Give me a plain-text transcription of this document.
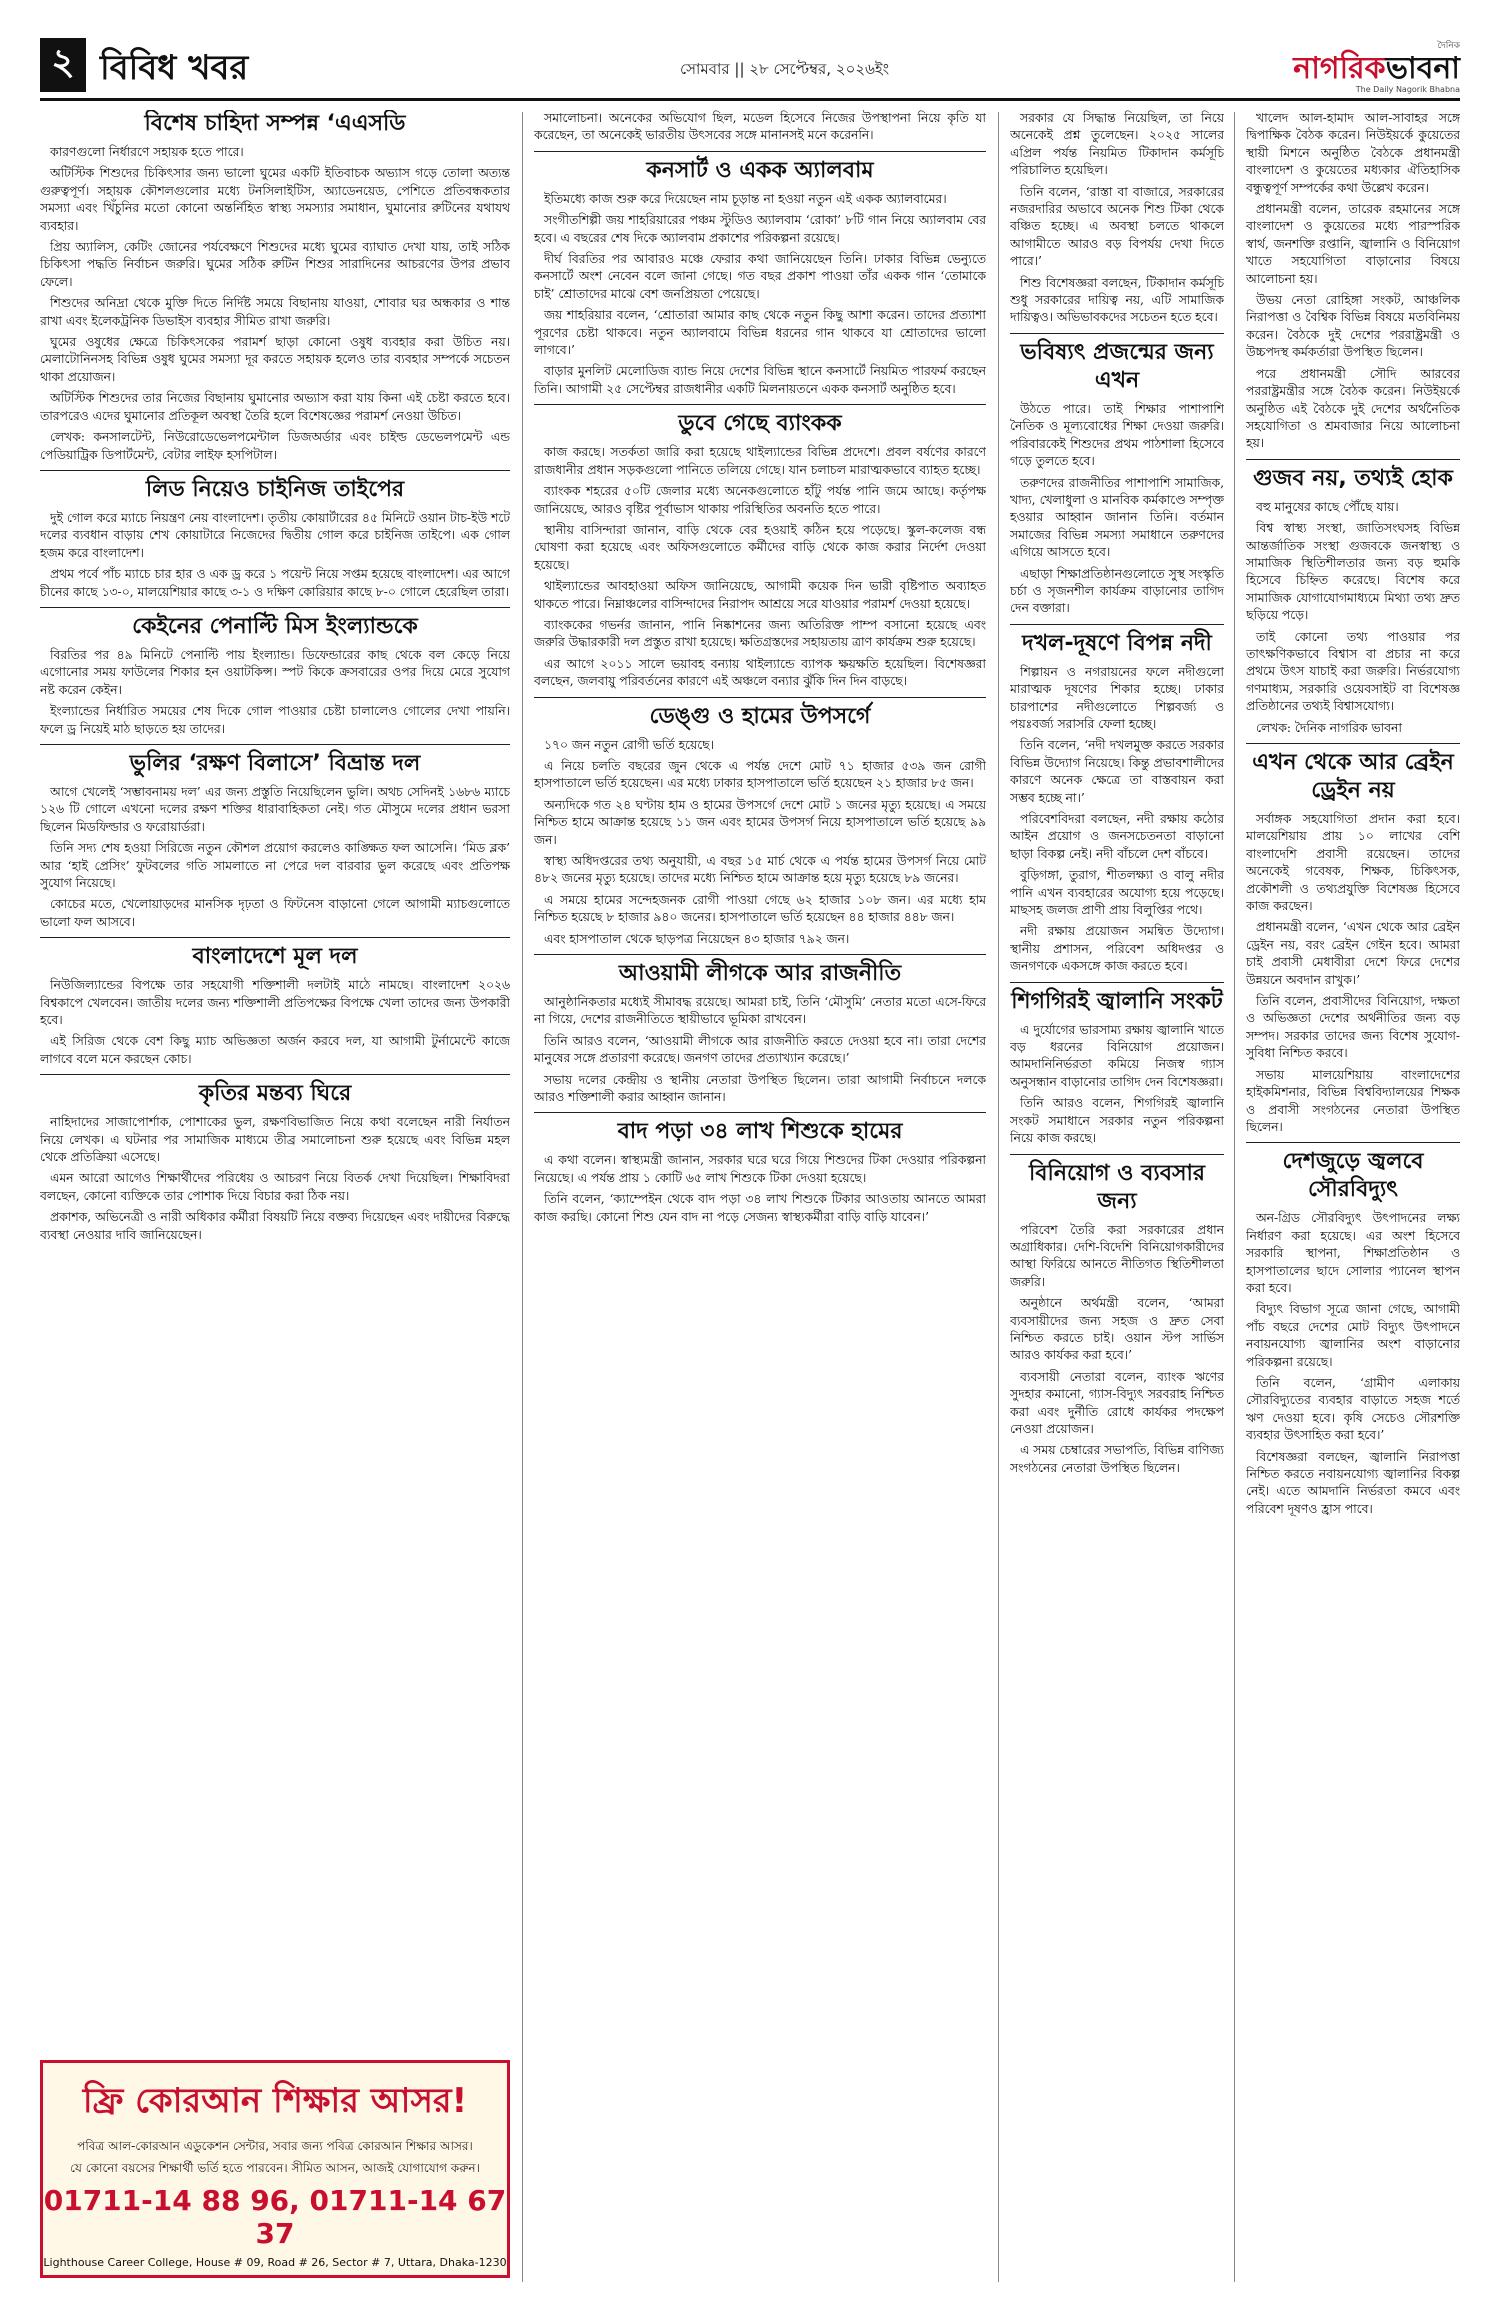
২ বিবিধ খবর	সোমবার || ২৮ সেপ্টেম্বর, ২০২৬ইং
দৈনিক
নাগরিকভাবনা
The Daily Nagorik Bhabna
বিশেষ চাহিদা সম্পন্ন ‘এএসডি

কারণগুলো নির্ধারণে সহায়ক হতে পারে।

অটিস্টিক শিশুদের চিকিৎসার জন্য ভালো ঘুমের একটি ইতিবাচক অভ্যাস গড়ে তোলা অত্যন্ত গুরুত্বপূর্ণ। সহায়ক কৌশলগুলোর মধ্যে টনসিলাইটিস, অ্যাডেনয়েড, পেশিতে প্রতিবন্ধকতার সমস্যা এবং খিঁচুনির মতো কোনো অন্তর্নিহিত স্বাস্থ্য সমস্যার সমাধান, ঘুমানোর রুটিনের যথাযথ ব্যবহার।

প্রিয় অ্যালিস, কেটিং জোনের পর্যবেক্ষণে শিশুদের মধ্যে ঘুমের ব্যাঘাত দেখা যায়, তাই সঠিক চিকিৎসা পদ্ধতি নির্বাচন জরুরি। ঘুমের সঠিক রুটিন শিশুর সারাদিনের আচরণের উপর প্রভাব ফেলে।

শিশুদের অনিদ্রা থেকে মুক্তি দিতে নির্দিষ্ট সময়ে বিছানায় যাওয়া, শোবার ঘর অন্ধকার ও শান্ত রাখা এবং ইলেকট্রনিক ডিভাইস ব্যবহার সীমিত রাখা জরুরি।

ঘুমের ওষুধের ক্ষেত্রে চিকিৎসকের পরামর্শ ছাড়া কোনো ওষুধ ব্যবহার করা উচিত নয়। মেলাটোনিনসহ বিভিন্ন ওষুধ ঘুমের সমস্যা দূর করতে সহায়ক হলেও তার ব্যবহার সম্পর্কে সচেতন থাকা প্রয়োজন।

অটিস্টিক শিশুদের তার নিজের বিছানায় ঘুমানোর অভ্যাস করা যায় কিনা এই চেষ্টা করতে হবে। তারপরেও এদের ঘুমানোর প্রতিকূল অবস্থা তৈরি হলে বিশেষজ্ঞের পরামর্শ নেওয়া উচিত।

লেখক: কনসালটেন্ট, নিউরোডেভেলপমেন্টাল ডিজঅর্ডার এবং চাইল্ড ডেভেলপমেন্ট এন্ড পেডিয়াট্রিক ডিপার্টমেন্ট, বেটার লাইফ হসপিটাল।

লিড নিয়েও চাইনিজ তাইপের

দুই গোল করে ম্যাচে নিয়ন্ত্রণ নেয় বাংলাদেশ। তৃতীয় কোয়ার্টারের ৪৫ মিনিটে ওয়ান টাচ-ইউ শটে দলের ব্যবধান বাড়ায় শেখ কোয়াটারে নিজেদের দ্বিতীয় গোল করে চাইনিজ তাইপে। এক গোল হজম করে বাংলাদেশ।

প্রথম পর্বে পাঁচ ম্যাচে চার হার ও এক ড্র করে ১ পয়েন্ট নিয়ে সপ্তম হয়েছে বাংলাদেশ। এর আগে চীনের কাছে ১৩-০, মালয়েশিয়ার কাছে ৩-১ ও দক্ষিণ কোরিয়ার কাছে ৮-০ গোলে হেরেছিল তারা।

কেইনের পেনাল্টি মিস ইংল্যান্ডকে

বিরতির পর ৪৯ মিনিটে পেনাল্টি পায় ইংল্যান্ড। ডিফেন্ডারের কাছ থেকে বল কেড়ে নিয়ে এগোনোর সময় ফাউলের শিকার হন ওয়াটকিন্স। স্পট কিকে ক্রসবারের ওপর দিয়ে মেরে সুযোগ নষ্ট করেন কেইন।

ইংল্যান্ডের নির্ধারিত সময়ের শেষ দিকে গোল পাওয়ার চেষ্টা চালালেও গোলের দেখা পায়নি। ফলে ড্র নিয়েই মাঠ ছাড়তে হয় তাদের।

ভুলির ‘রক্ষণ বিলাসে’ বিভ্রান্ত দল

আগে খেলেই ‘সম্ভাবনাময় দল’ এর জন্য প্রস্তুতি নিয়েছিলেন ভুলি। অথচ সেদিনই ১৬৮৬ ম্যাচে ১২৬ টি গোলে এখনো দলের রক্ষণ শক্তির ধারাবাহিকতা নেই। গত মৌসুমে দলের প্রধান ভরসা ছিলেন মিডফিল্ডার ও ফরোয়ার্ডরা।

তিনি সদ্য শেষ হওয়া সিরিজে নতুন কৌশল প্রয়োগ করলেও কাঙ্ক্ষিত ফল আসেনি। ‘মিড ব্লক’ আর ‘হাই প্রেসিং’ ফুটবলের গতি সামলাতে না পেরে দল বারবার ভুল করেছে এবং প্রতিপক্ষ সুযোগ নিয়েছে।

কোচের মতে, খেলোয়াড়দের মানসিক দৃঢ়তা ও ফিটনেস বাড়ানো গেলে আগামী ম্যাচগুলোতে ভালো ফল আসবে।

বাংলাদেশে মূল দল

নিউজিল্যান্ডের বিপক্ষে তার সহযোগী শক্তিশালী দলটাই মাঠে নামছে। বাংলাদেশ ২০২৬ বিশ্বকাপে খেলবেন। জাতীয় দলের জন্য শক্তিশালী প্রতিপক্ষের বিপক্ষে খেলা তাদের জন্য উপকারী হবে।

এই সিরিজ থেকে বেশ কিছু ম্যাচ অভিজ্ঞতা অর্জন করবে দল, যা আগামী টুর্নামেন্টে কাজে লাগবে বলে মনে করছেন কোচ।

কৃতির মন্তব্য ঘিরে

নাহিদাদের সাজাপোর্শাক, পোশাকের ভুল, রক্ষণবিভাজিত নিয়ে কথা বলেছেন নারী নির্যাতন নিয়ে লেখক। এ ঘটনার পর সামাজিক মাধ্যমে তীব্র সমালোচনা শুরু হয়েছে এবং বিভিন্ন মহল থেকে প্রতিক্রিয়া এসেছে।

এমন আরো আগেও শিক্ষার্থীদের পরিধেয় ও আচরণ নিয়ে বিতর্ক দেখা দিয়েছিল। শিক্ষাবিদরা বলছেন, কোনো ব্যক্তিকে তার পোশাক দিয়ে বিচার করা ঠিক নয়।

প্রকাশক, অভিনেত্রী ও নারী অধিকার কর্মীরা বিষয়টি নিয়ে বক্তব্য দিয়েছেন এবং দায়ীদের বিরুদ্ধে ব্যবস্থা নেওয়ার দাবি জানিয়েছেন।

সমালোচনা। অনেকের অভিযোগ ছিল, মডেল হিসেবে নিজের উপস্থাপনা নিয়ে কৃতি যা করেছেন, তা অনেকেই ভারতীয় উৎসবের সঙ্গে মানানসই মনে করেননি।

কনসার্ট ও একক অ্যালবাম

ইতিমধ্যে কাজ শুরু করে দিয়েছেন নাম চূড়ান্ত না হওয়া নতুন এই একক অ্যালবামের।

সংগীতশিল্পী জয় শাহরিয়ারের পঞ্চম স্টুডিও অ্যালবাম ‘রোকা’ ৮টি গান নিয়ে অ্যালবাম বের হবে। এ বছরের শেষ দিকে অ্যালবাম প্রকাশের পরিকল্পনা রয়েছে।

দীর্ঘ বিরতির পর আবারও মঞ্চে ফেরার কথা জানিয়েছেন তিনি। ঢাকার বিভিন্ন ভেন্যুতে কনসার্টে অংশ নেবেন বলে জানা গেছে। গত বছর প্রকাশ পাওয়া তাঁর একক গান ‘তোমাকে চাই’ শ্রোতাদের মাঝে বেশ জনপ্রিয়তা পেয়েছে।

জয় শাহরিয়ার বলেন, ‘শ্রোতারা আমার কাছ থেকে নতুন কিছু আশা করেন। তাদের প্রত্যাশা পূরণের চেষ্টা থাকবে। নতুন অ্যালবামে বিভিন্ন ধরনের গান থাকবে যা শ্রোতাদের ভালো লাগবে।’

বাড়ার মুনলিট মেলোডিজ ব্যান্ড নিয়ে দেশের বিভিন্ন স্থানে কনসার্টে নিয়মিত পারফর্ম করছেন তিনি। আগামী ২৫ সেপ্টেম্বর রাজধানীর একটি মিলনায়তনে একক কনসার্ট অনুষ্ঠিত হবে।

ডুবে গেছে ব্যাংকক

কাজ করছে। সতর্কতা জারি করা হয়েছে থাইল্যান্ডের বিভিন্ন প্রদেশে। প্রবল বর্ষণের কারণে রাজধানীর প্রধান সড়কগুলো পানিতে তলিয়ে গেছে। যান চলাচল মারাত্মকভাবে ব্যাহত হচ্ছে।

ব্যাংকক শহরের ৫০টি জেলার মধ্যে অনেকগুলোতে হাঁটু পর্যন্ত পানি জমে আছে। কর্তৃপক্ষ জানিয়েছে, আরও বৃষ্টির পূর্বাভাস থাকায় পরিস্থিতির অবনতি হতে পারে।

স্থানীয় বাসিন্দারা জানান, বাড়ি থেকে বের হওয়াই কঠিন হয়ে পড়েছে। স্কুল-কলেজ বন্ধ ঘোষণা করা হয়েছে এবং অফিসগুলোতে কর্মীদের বাড়ি থেকে কাজ করার নির্দেশ দেওয়া হয়েছে।

থাইল্যান্ডের আবহাওয়া অফিস জানিয়েছে, আগামী কয়েক দিন ভারী বৃষ্টিপাত অব্যাহত থাকতে পারে। নিম্নাঞ্চলের বাসিন্দাদের নিরাপদ আশ্রয়ে সরে যাওয়ার পরামর্শ দেওয়া হয়েছে।

ব্যাংককের গভর্নর জানান, পানি নিষ্কাশনের জন্য অতিরিক্ত পাম্প বসানো হয়েছে এবং জরুরি উদ্ধারকারী দল প্রস্তুত রাখা হয়েছে। ক্ষতিগ্রস্তদের সহায়তায় ত্রাণ কার্যক্রম শুরু হয়েছে।

এর আগে ২০১১ সালে ভয়াবহ বন্যায় থাইল্যান্ডে ব্যাপক ক্ষয়ক্ষতি হয়েছিল। বিশেষজ্ঞরা বলছেন, জলবায়ু পরিবর্তনের কারণে এই অঞ্চলে বন্যার ঝুঁকি দিন দিন বাড়ছে।

ডেঙ্গু ও হামের উপসর্গে

১৭০ জন নতুন রোগী ভর্তি হয়েছে।

এ নিয়ে চলতি বছরের জুন থেকে এ পর্যন্ত দেশে মোট ৭১ হাজার ৫৩৯ জন রোগী হাসপাতালে ভর্তি হয়েছেন। এর মধ্যে ঢাকার হাসপাতালে ভর্তি হয়েছেন ২১ হাজার ৮৫ জন।

অন্যদিকে গত ২৪ ঘণ্টায় হাম ও হামের উপসর্গে দেশে মোট ১ জনের মৃত্যু হয়েছে। এ সময়ে নিশ্চিত হামে আক্রান্ত হয়েছে ১১ জন এবং হামের উপসর্গ নিয়ে হাসপাতালে ভর্তি হয়েছে ৯৯ জন।

স্বাস্থ্য অধিদপ্তরের তথ্য অনুযায়ী, এ বছর ১৫ মার্চ থেকে এ পর্যন্ত হামের উপসর্গ নিয়ে মোট ৪৮২ জনের মৃত্যু হয়েছে। তাদের মধ্যে নিশ্চিত হামে আক্রান্ত হয়ে মৃত্যু হয়েছে ৮৯ জনের।

এ সময়ে হামের সন্দেহজনক রোগী পাওয়া গেছে ৬২ হাজার ১০৮ জন। এর মধ্যে হাম নিশ্চিত হয়েছে ৮ হাজার ৯৪০ জনের। হাসপাতালে ভর্তি হয়েছেন ৪৪ হাজার ৪৪৮ জন।

এবং হাসপাতাল থেকে ছাড়পত্র নিয়েছেন ৪৩ হাজার ৭৯২ জন।

আওয়ামী লীগকে আর রাজনীতি

আনুষ্ঠানিকতার মধ্যেই সীমাবদ্ধ রয়েছে। আমরা চাই, তিনি ‘মৌসুমি’ নেতার মতো এসে-ফিরে না গিয়ে, দেশের রাজনীতিতে স্থায়ীভাবে ভূমিকা রাখবেন।

তিনি আরও বলেন, ‘আওয়ামী লীগকে আর রাজনীতি করতে দেওয়া হবে না। তারা দেশের মানুষের সঙ্গে প্রতারণা করেছে। জনগণ তাদের প্রত্যাখ্যান করেছে।’

সভায় দলের কেন্দ্রীয় ও স্থানীয় নেতারা উপস্থিত ছিলেন। তারা আগামী নির্বাচনে দলকে আরও শক্তিশালী করার আহ্বান জানান।

বাদ পড়া ৩৪ লাখ শিশুকে হামের

এ কথা বলেন। স্বাস্থ্যমন্ত্রী জানান, সরকার ঘরে ঘরে গিয়ে শিশুদের টিকা দেওয়ার পরিকল্পনা নিয়েছে। এ পর্যন্ত প্রায় ১ কোটি ৬৫ লাখ শিশুকে টিকা দেওয়া হয়েছে।

তিনি বলেন, ‘ক্যাম্পেইন থেকে বাদ পড়া ৩৪ লাখ শিশুকে টিকার আওতায় আনতে আমরা কাজ করছি। কোনো শিশু যেন বাদ না পড়ে সেজন্য স্বাস্থ্যকর্মীরা বাড়ি বাড়ি যাবেন।’

সরকার যে সিদ্ধান্ত নিয়েছিল, তা নিয়ে অনেকেই প্রশ্ন তুলেছেন। ২০২৫ সালের এপ্রিল পর্যন্ত নিয়মিত টিকাদান কর্মসূচি পরিচালিত হয়েছিল।

তিনি বলেন, ‘রাস্তা বা বাজারে, সরকারের নজরদারির অভাবে অনেক শিশু টিকা থেকে বঞ্চিত হচ্ছে। এ অবস্থা চলতে থাকলে আগামীতে আরও বড় বিপর্যয় দেখা দিতে পারে।’

শিশু বিশেষজ্ঞরা বলছেন, টিকাদান কর্মসূচি শুধু সরকারের দায়িত্ব নয়, এটি সামাজিক দায়িত্বও। অভিভাবকদের সচেতন হতে হবে।

ভবিষ্যৎ প্রজন্মের জন্য এখন

উঠতে পারে। তাই শিক্ষার পাশাপাশি নৈতিক ও মূল্যবোধের শিক্ষা দেওয়া জরুরি। পরিবারকেই শিশুদের প্রথম পাঠশালা হিসেবে গড়ে তুলতে হবে।

তরুণদের রাজনীতির পাশাপাশি সামাজিক, খাদ্য, খেলাধুলা ও মানবিক কর্মকাণ্ডে সম্পৃক্ত হওয়ার আহ্বান জানান তিনি। বর্তমান সমাজের বিভিন্ন সমস্যা সমাধানে তরুণদের এগিয়ে আসতে হবে।

এছাড়া শিক্ষাপ্রতিষ্ঠানগুলোতে সুস্থ সংস্কৃতি চর্চা ও সৃজনশীল কার্যক্রম বাড়ানোর তাগিদ দেন বক্তারা।

দখল-দূষণে বিপন্ন নদী

শিল্পায়ন ও নগরায়নের ফলে নদীগুলো মারাত্মক দূষণের শিকার হচ্ছে। ঢাকার চারপাশের নদীগুলোতে শিল্পবর্জ্য ও পয়ঃবর্জ্য সরাসরি ফেলা হচ্ছে।

তিনি বলেন, ‘নদী দখলমুক্ত করতে সরকার বিভিন্ন উদ্যোগ নিয়েছে। কিন্তু প্রভাবশালীদের কারণে অনেক ক্ষেত্রে তা বাস্তবায়ন করা সম্ভব হচ্ছে না।’

পরিবেশবিদরা বলছেন, নদী রক্ষায় কঠোর আইন প্রয়োগ ও জনসচেতনতা বাড়ানো ছাড়া বিকল্প নেই। নদী বাঁচলে দেশ বাঁচবে।

বুড়িগঙ্গা, তুরাগ, শীতলক্ষ্যা ও বালু নদীর পানি এখন ব্যবহারের অযোগ্য হয়ে পড়েছে। মাছসহ জলজ প্রাণী প্রায় বিলুপ্তির পথে।

নদী রক্ষায় প্রয়োজন সমন্বিত উদ্যোগ। স্থানীয় প্রশাসন, পরিবেশ অধিদপ্তর ও জনগণকে একসঙ্গে কাজ করতে হবে।

শিগগিরই জ্বালানি সংকট

এ দুর্যোগের ভারসাম্য রক্ষায় জ্বালানি খাতে বড় ধরনের বিনিয়োগ প্রয়োজন। আমদানিনির্ভরতা কমিয়ে নিজস্ব গ্যাস অনুসন্ধান বাড়ানোর তাগিদ দেন বিশেষজ্ঞরা।

তিনি আরও বলেন, শিগগিরই জ্বালানি সংকট সমাধানে সরকার নতুন পরিকল্পনা নিয়ে কাজ করছে।

বিনিয়োগ ও ব্যবসার জন্য

পরিবেশ তৈরি করা সরকারের প্রধান অগ্রাধিকার। দেশি-বিদেশি বিনিয়োগকারীদের আস্থা ফিরিয়ে আনতে নীতিগত স্থিতিশীলতা জরুরি।

অনুষ্ঠানে অর্থমন্ত্রী বলেন, ‘আমরা ব্যবসায়ীদের জন্য সহজ ও দ্রুত সেবা নিশ্চিত করতে চাই। ওয়ান স্টপ সার্ভিস আরও কার্যকর করা হবে।’

ব্যবসায়ী নেতারা বলেন, ব্যাংক ঋণের সুদহার কমানো, গ্যাস-বিদ্যুৎ সরবরাহ নিশ্চিত করা এবং দুর্নীতি রোধে কার্যকর পদক্ষেপ নেওয়া প্রয়োজন।

এ সময় চেম্বারের সভাপতি, বিভিন্ন বাণিজ্য সংগঠনের নেতারা উপস্থিত ছিলেন।

ফ্রি কোরআন শিক্ষার আসর!
পবিত্র আল-কোরআন এডুকেশন সেন্টার, সবার জন্য পবিত্র কোরআন শিক্ষার আসর।
যে কোনো বয়সের শিক্ষার্থী ভর্তি হতে পারবেন। সীমিত আসন, আজই যোগাযোগ করুন।
01711-14 88 96, 01711-14 67 37
Lighthouse Career College, House # 09, Road # 26, Sector # 7, Uttara, Dhaka-1230

খালেদ আল-হামাদ আল-সাবাহর সঙ্গে দ্বিপাক্ষিক বৈঠক করেন। নিউইয়র্কে কুয়েতের স্থায়ী মিশনে অনুষ্ঠিত বৈঠকে প্রধানমন্ত্রী বাংলাদেশ ও কুয়েতের মধ্যকার ঐতিহাসিক বন্ধুত্বপূর্ণ সম্পর্কের কথা উল্লেখ করেন।

প্রধানমন্ত্রী বলেন, তারেক রহমানের সঙ্গে বাংলাদেশ ও কুয়েতের মধ্যে পারস্পরিক স্বার্থ, জনশক্তি রপ্তানি, জ্বালানি ও বিনিয়োগ খাতে সহযোগিতা বাড়ানোর বিষয়ে আলোচনা হয়।

উভয় নেতা রোহিঙ্গা সংকট, আঞ্চলিক নিরাপত্তা ও বৈশ্বিক বিভিন্ন বিষয়ে মতবিনিময় করেন। বৈঠকে দুই দেশের পররাষ্ট্রমন্ত্রী ও উচ্চপদস্থ কর্মকর্তারা উপস্থিত ছিলেন।

পরে প্রধানমন্ত্রী সৌদি আরবের পররাষ্ট্রমন্ত্রীর সঙ্গে বৈঠক করেন। নিউইয়র্কে অনুষ্ঠিত এই বৈঠকে দুই দেশের অর্থনৈতিক সহযোগিতা ও শ্রমবাজার নিয়ে আলোচনা হয়।

গুজব নয়, তথ্যই হোক

বহু মানুষের কাছে পৌঁছে যায়।

বিশ্ব স্বাস্থ্য সংস্থা, জাতিসংঘসহ বিভিন্ন আন্তর্জাতিক সংস্থা গুজবকে জনস্বাস্থ্য ও সামাজিক স্থিতিশীলতার জন্য বড় হুমকি হিসেবে চিহ্নিত করেছে। বিশেষ করে সামাজিক যোগাযোগমাধ্যমে মিথ্যা তথ্য দ্রুত ছড়িয়ে পড়ে।

তাই কোনো তথ্য পাওয়ার পর তাৎক্ষণিকভাবে বিশ্বাস বা প্রচার না করে প্রথমে উৎস যাচাই করা জরুরি। নির্ভরযোগ্য গণমাধ্যম, সরকারি ওয়েবসাইট বা বিশেষজ্ঞ প্রতিষ্ঠানের তথ্যই বিশ্বাসযোগ্য।

লেখক: দৈনিক নাগরিক ভাবনা

এখন থেকে আর ব্রেইন ড্রেইন নয়

সর্বাঙ্গক সহযোগিতা প্রদান করা হবে। মালয়েশিয়ায় প্রায় ১০ লাখের বেশি বাংলাদেশি প্রবাসী রয়েছেন। তাদের অনেকেই গবেষক, শিক্ষক, চিকিৎসক, প্রকৌশলী ও তথ্যপ্রযুক্তি বিশেষজ্ঞ হিসেবে কাজ করছেন।

প্রধানমন্ত্রী বলেন, ‘এখন থেকে আর ব্রেইন ড্রেইন নয়, বরং ব্রেইন গেইন হবে। আমরা চাই প্রবাসী মেধাবীরা দেশে ফিরে দেশের উন্নয়নে অবদান রাখুক।’

তিনি বলেন, প্রবাসীদের বিনিয়োগ, দক্ষতা ও অভিজ্ঞতা দেশের অর্থনীতির জন্য বড় সম্পদ। সরকার তাদের জন্য বিশেষ সুযোগ-সুবিধা নিশ্চিত করবে।

সভায় মালয়েশিয়ায় বাংলাদেশের হাইকমিশনার, বিভিন্ন বিশ্ববিদ্যালয়ের শিক্ষক ও প্রবাসী সংগঠনের নেতারা উপস্থিত ছিলেন।

দেশজুড়ে জ্বলবে সৌরবিদ্যুৎ

অন-গ্রিড সৌরবিদ্যুৎ উৎপাদনের লক্ষ্য নির্ধারণ করা হয়েছে। এর অংশ হিসেবে সরকারি স্থাপনা, শিক্ষাপ্রতিষ্ঠান ও হাসপাতালের ছাদে সোলার প্যানেল স্থাপন করা হবে।

বিদ্যুৎ বিভাগ সূত্রে জানা গেছে, আগামী পাঁচ বছরে দেশের মোট বিদ্যুৎ উৎপাদনে নবায়নযোগ্য জ্বালানির অংশ বাড়ানোর পরিকল্পনা রয়েছে।

তিনি বলেন, ‘গ্রামীণ এলাকায় সৌরবিদ্যুতের ব্যবহার বাড়াতে সহজ শর্তে ঋণ দেওয়া হবে। কৃষি সেচেও সৌরশক্তি ব্যবহার উৎসাহিত করা হবে।’

বিশেষজ্ঞরা বলছেন, জ্বালানি নিরাপত্তা নিশ্চিত করতে নবায়নযোগ্য জ্বালানির বিকল্প নেই। এতে আমদানি নির্ভরতা কমবে এবং পরিবেশ দূষণও হ্রাস পাবে।
